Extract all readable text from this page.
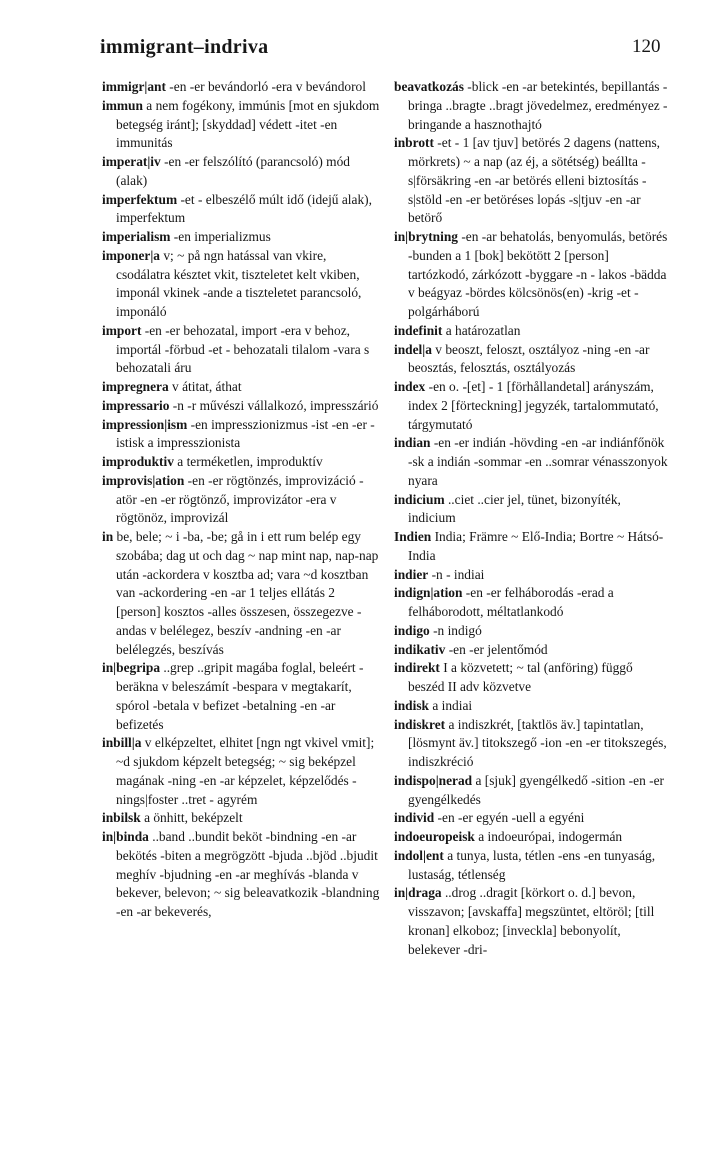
immigrant–indriva	120

immigr|ant -en -er bevándorló -era v bevándorol

immun a nem fogékony, immúnis [mot en sjukdom betegség iránt]; [skyddad] védett -itet -en immunitás

imperat|iv -en -er felszólító (parancsoló) mód (alak)

imperfektum -et - elbeszélő múlt idő (idejű alak), imperfektum

imperialism -en imperializmus

imponer|a v; ~ på ngn hatással van vkire, csodálatra késztet vkit, tiszteletet kelt vkiben, imponál vkinek -ande a tiszteletet parancsoló, imponáló

import -en -er behozatal, import -era v behoz, importál -förbud -et - behozatali tilalom -vara s behozatali áru

impregnera v átitat, áthat

impressario -n -r művészi vállalkozó, impresszárió

impression|ism -en impresszionizmus -ist -en -er -istisk a impresszionista

improduktiv a terméketlen, improduktív

improvis|ation -en -er rögtönzés, improvizáció -atör -en -er rögtönző, improvizátor -era v rögtönöz, improvizál

in be, bele; ~ i -ba, -be; gå in i ett rum belép egy szobába; dag ut och dag ~ nap mint nap, nap-nap után -ackordera v kosztba ad; vara ~d kosztban van -ackordering -en -ar 1 teljes ellátás 2 [person] kosztos -alles összesen, összegezve -andas v belélegez, beszív -andning -en -ar belélegzés, beszívás

in|begripa ..grep ..gripit magába foglal, beleért -beräkna v beleszámít -bespara v megtakarít, spórol -betala v befizet -betalning -en -ar befizetés

inbill|a v elképzeltet, elhitet [ngn ngt vkivel vmit]; ~d sjukdom képzelt betegség; ~ sig beképzel magának -ning -en -ar képzelet, képzelődés -nings|foster ..tret - agyrém

inbilsk a önhitt, beképzelt

in|binda ..band ..bundit beköt -bindning -en -ar bekötés -biten a megrögzött -bjuda ..bjöd ..bjudit meghív -bjudning -en -ar meghívás -blanda v bekever, belevon; ~ sig beleavatkozik -blandning -en -ar bekeverés,

beavatkozás -blick -en -ar betekintés, bepillantás -bringa ..bragte ..bragt jövedelmez, eredményez -bringande a hasznothajtó

inbrott -et - 1 [av tjuv] betörés 2 dagens (nattens, mörkrets) ~ a nap (az éj, a sötétség) beállta -s|försäkring -en -ar betörés elleni biztosítás -s|stöld -en -er betöréses lopás -s|tjuv -en -ar betörő

in|brytning -en -ar behatolás, benyomulás, betörés -bunden a 1 [bok] bekötött 2 [person] tartózkodó, zárkózott -byggare -n - lakos -bädda v beágyaz -bördes kölcsönös(en) -krig -et - polgárháború

indefinit a határozatlan

indel|a v beoszt, feloszt, osztályoz -ning -en -ar beosztás, felosztás, osztályozás

index -en o. -[et] - 1 [förhållandetal] arányszám, index 2 [förteckning] jegyzék, tartalommutató, tárgymutató

indian -en -er indián -hövding -en -ar indiánfőnök -sk a indián -sommar -en ..somrar vénasszonyok nyara

indicium ..ciet ..cier jel, tünet, bizonyíték, indicium

Indien India; Främre ~ Elő-India; Bortre ~ Hátsó-India

indier -n - indiai

indign|ation -en -er felháborodás -erad a felháborodott, méltatlankodó

indigo -n indigó

indikativ -en -er jelentőmód

indirekt I a közvetett; ~ tal (anföring) függő beszéd II adv közvetve

indisk a indiai

indiskret a indiszkrét, [taktlös äv.] tapintatlan, [lösmynt äv.] titokszegő -ion -en -er titokszegés, indiszkréció

indispo|nerad a [sjuk] gyengélkedő -sition -en -er gyengélkedés

individ -en -er egyén -uell a egyéni

indoeuropeisk a indoeurópai, indogermán

indol|ent a tunya, lusta, tétlen -ens -en tunyaság, lustaság, tétlenség

in|draga ..drog ..dragit [körkort o. d.] bevon, visszavon; [avskaffa] megszüntet, eltöröl; [till kronan] elkoboz; [inveckla] bebonyolít, belekever -dri-
